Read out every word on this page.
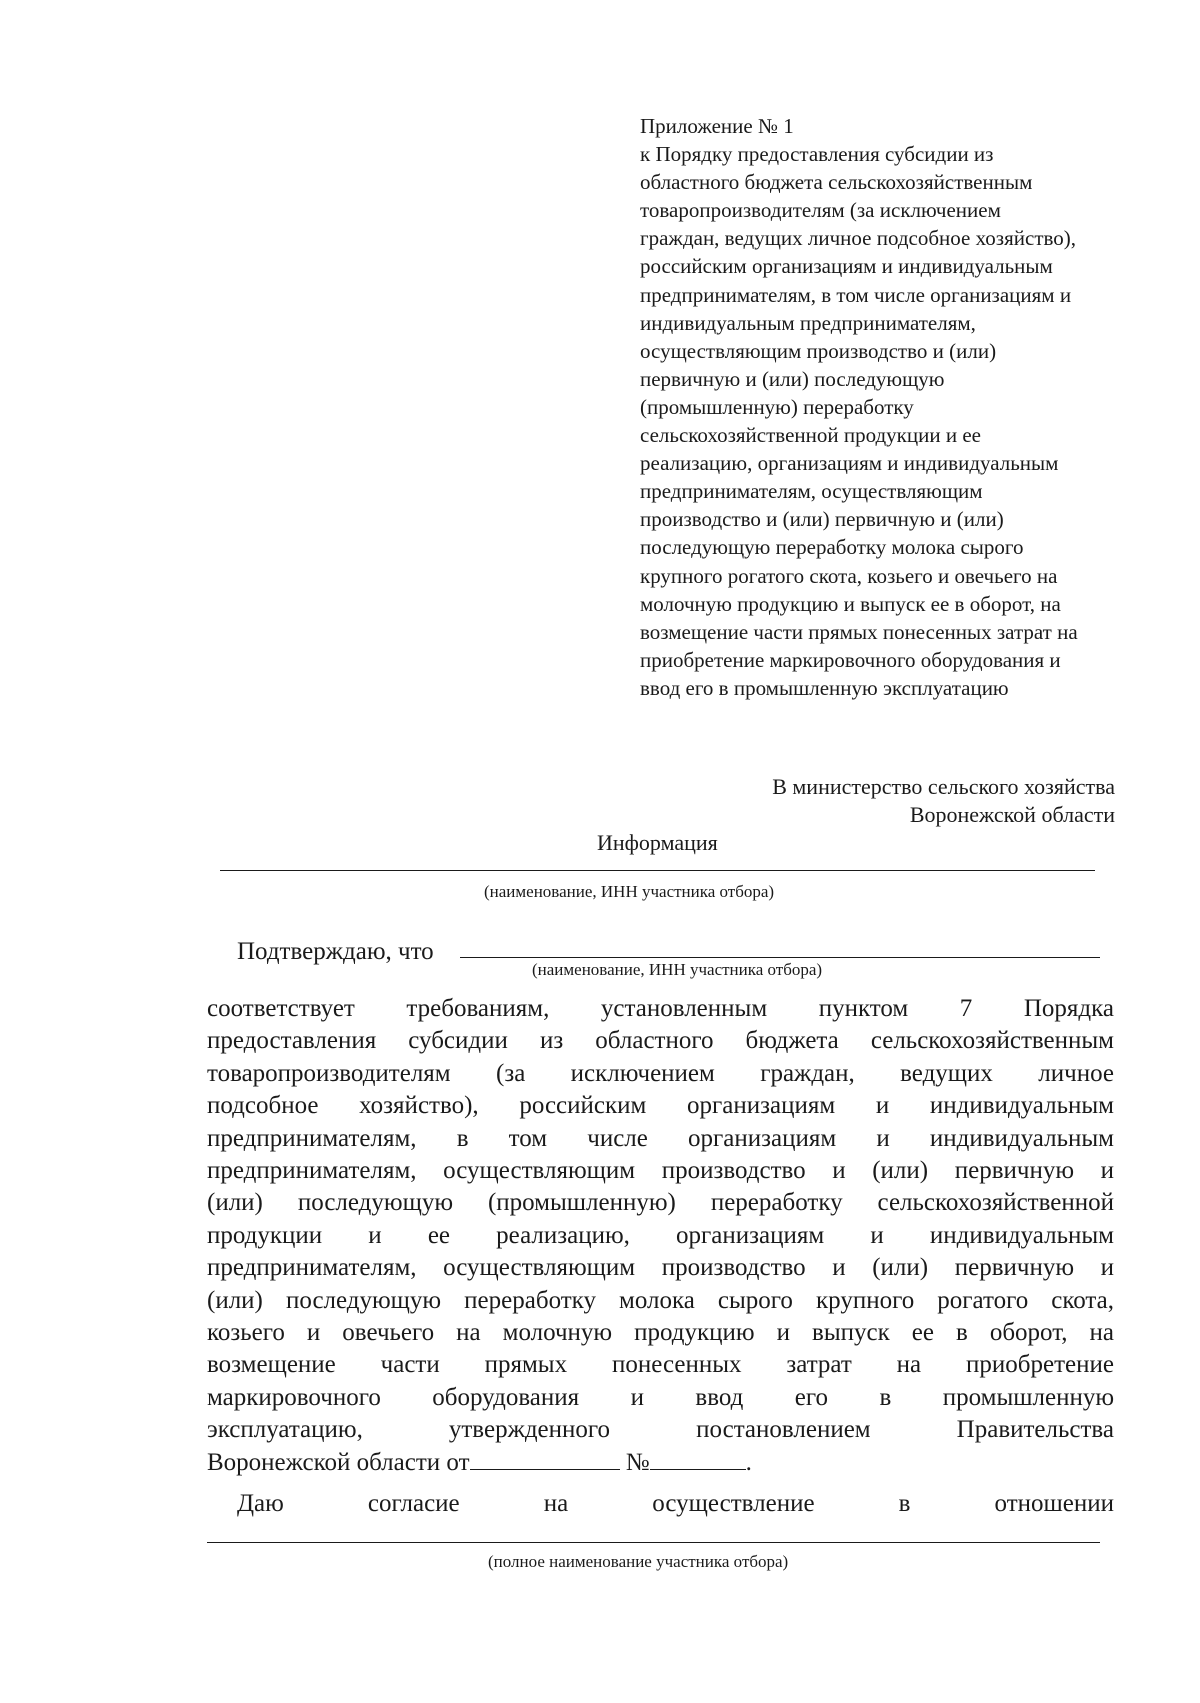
Приложение № 1
к Порядку предоставления субсидии из
областного бюджета сельскохозяйственным
товаропроизводителям (за исключением
граждан, ведущих личное подсобное хозяйство),
российским организациям и индивидуальным
предпринимателям, в том числе организациям и
индивидуальным предпринимателям,
осуществляющим производство и (или)
первичную и (или) последующую
(промышленную) переработку
сельскохозяйственной продукции и ее
реализацию, организациям и индивидуальным
предпринимателям, осуществляющим
производство и (или) первичную и (или)
последующую переработку молока сырого
крупного рогатого скота, козьего и овечьего на
молочную продукцию и выпуск ее в оборот, на
возмещение части прямых понесенных затрат на
приобретение маркировочного оборудования и
ввод его в промышленную эксплуатацию
В министерство сельского хозяйства
Воронежской области
Информация
(наименование, ИНН участника отбора)
Подтверждаю, что
(наименование, ИНН участника отбора)
соответствует требованиям, установленным пунктом 7 Порядка
предоставления субсидии из областного бюджета сельскохозяйственным
товаропроизводителям (за исключением граждан, ведущих личное
подсобное хозяйство), российским организациям и индивидуальным
предпринимателям, в том числе организациям и индивидуальным
предпринимателям, осуществляющим производство и (или) первичную и
(или) последующую (промышленную) переработку сельскохозяйственной
продукции и ее реализацию, организациям и индивидуальным
предпринимателям, осуществляющим производство и (или) первичную и
(или) последующую переработку молока сырого крупного рогатого скота,
козьего и овечьего на молочную продукцию и выпуск ее в оборот, на
возмещение части прямых понесенных затрат на приобретение
маркировочного оборудования и ввод его в промышленную
эксплуатацию, утвержденного постановлением Правительства
Воронежской области от	№	.
Даю согласие на осуществление в отношении
(полное наименование участника отбора)
